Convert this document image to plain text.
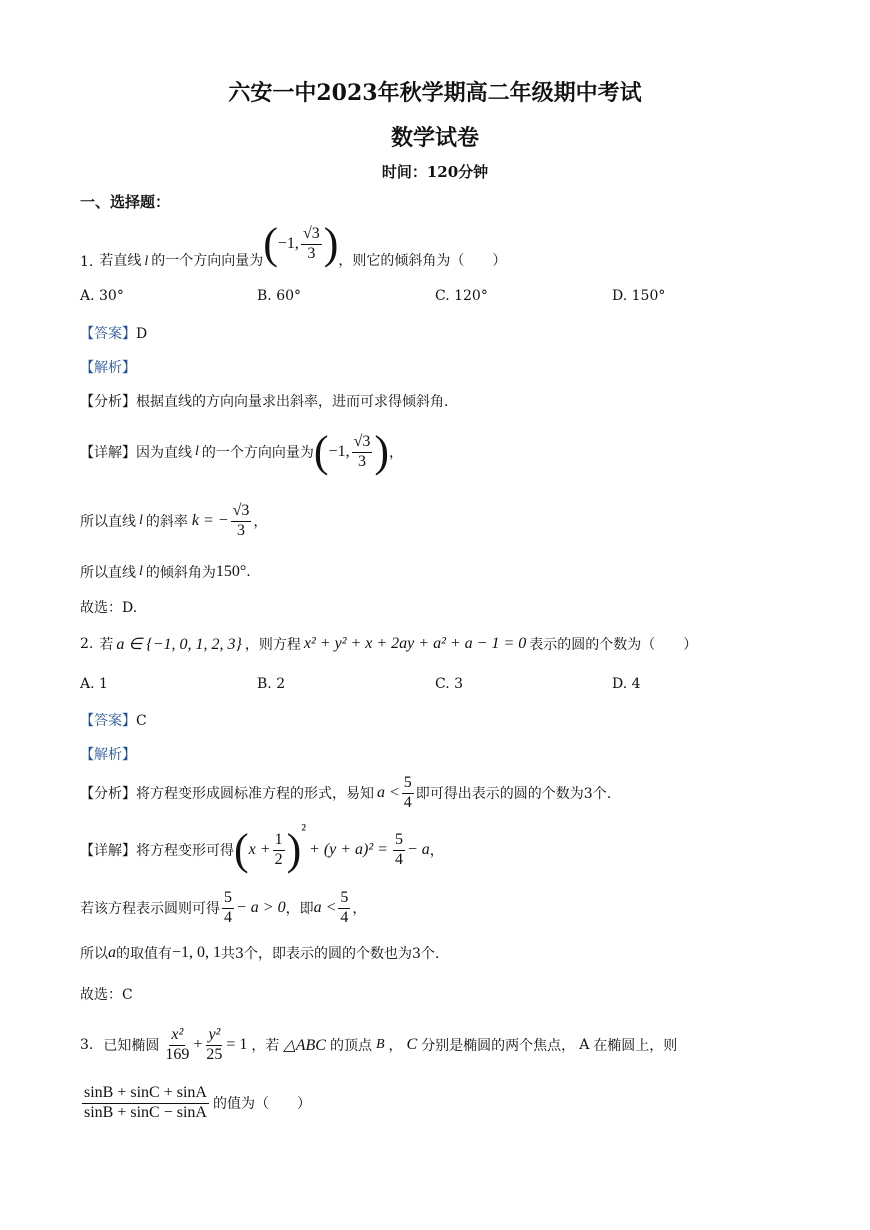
六安一中2023年秋学期高二年级期中考试
数学试卷
时间：120分钟
一、选择题：
1. 若直线 l 的一个方向向量为 ( −1, $\frac{√3}{3}$ ) ，则它的倾斜角为（　　）
A. 30°	B. 60°	C. 120°	D. 150°
【答案】D
【解析】
【分析】根据直线的方向向量求出斜率，进而可求得倾斜角.
【详解】 因为直线 l 的一个方向向量为 ( −1, $\frac{√3}{3}$ ) ，
所以直线 l 的斜率 k = − $\frac{√3}{3}$ ，
所以直线 l 的倾斜角为 150° .
故选：D.
2. 若 a ∈ {−1, 0, 1, 2, 3} ，则方程 x² + y² + x + 2ay + a² + a − 1 = 0 表示的圆的个数为（　　）
A. 1	B. 2	C. 3	D. 4
【答案】C
【解析】
【分析】 将方程变形成圆标准方程的形式，易知 $a < \frac{5}{4}$ 即可得出表示的圆的个数为3个.
【详解】 将方程变形可得 ( $x + \frac{1}{2}$ ) ²
+ $(y + a)^2 = \frac{5}{4} - a$ ，
若该方程表示圆则可得 $\frac{5}{4} - a > 0$ ，即 $a < \frac{5}{4}$ ，
所以 a 的取值有 −1, 0, 1 共3个，即表示的圆的个数也为3个.
故选：C
3. 已知椭圆 $\frac{\text{x²}}{169} + \frac{\text{y²}}{25} = 1$ ，若 △ABC 的顶点 B ， C 分别是椭圆的两个焦点， A 在椭圆上，则
$\frac{\sin B + \sin C + \sin A}{\sin B + \sin C - \sin A}$ 的值为（　　）
